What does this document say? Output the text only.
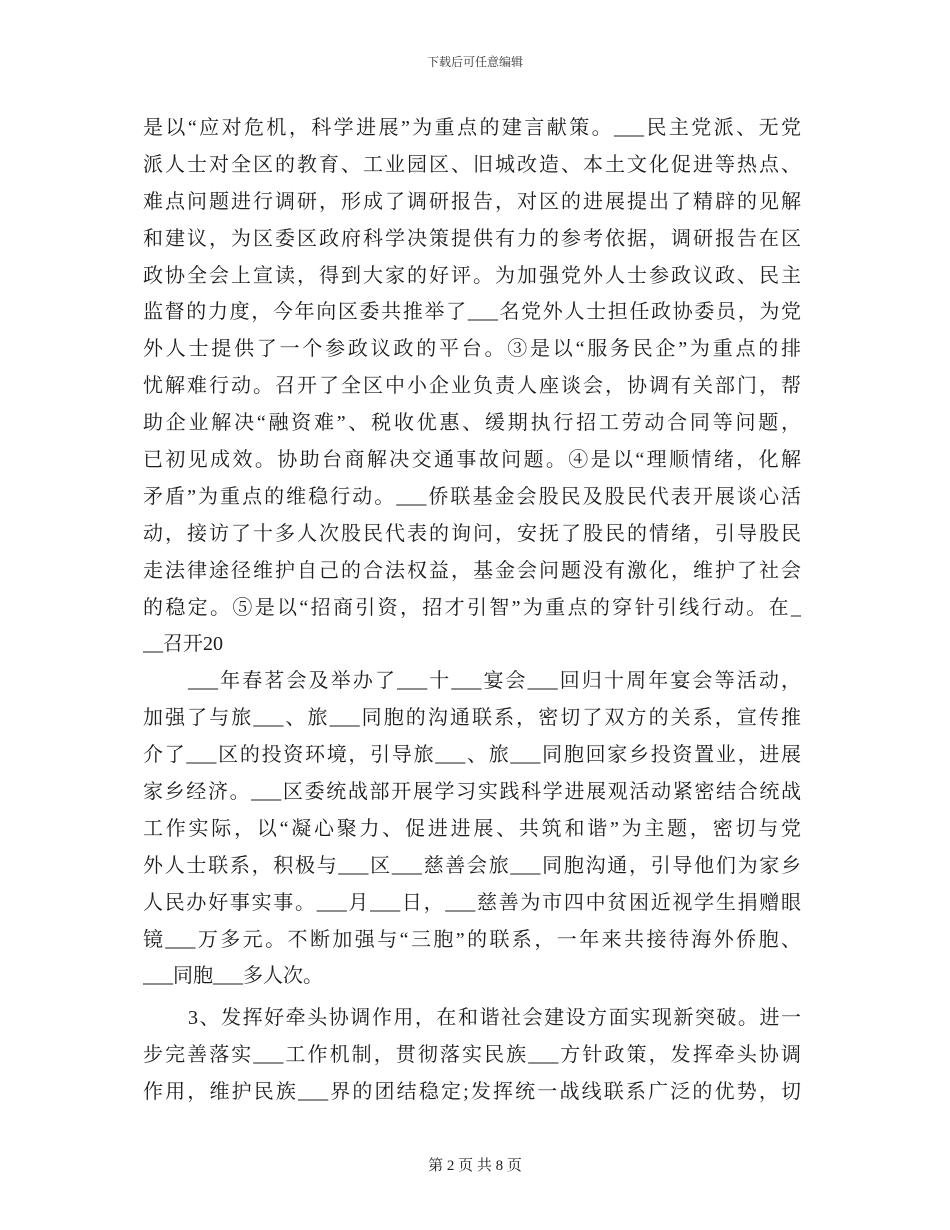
下载后可任意编辑
是以“应对危机，科学进展”为重点的建言献策。___民主党派、无党
派人士对全区的教育、工业园区、旧城改造、本土文化促进等热点、
难点问题进行调研，形成了调研报告，对区的进展提出了精辟的见解
和建议，为区委区政府科学决策提供有力的参考依据，调研报告在区
政协全会上宣读，得到大家的好评。为加强党外人士参政议政、民主
监督的力度，今年向区委共推举了___名党外人士担任政协委员，为党
外人士提供了一个参政议政的平台。③是以“服务民企”为重点的排
忧解难行动。召开了全区中小企业负责人座谈会，协调有关部门，帮
助企业解决“融资难”、税收优惠、缓期执行招工劳动合同等问题，
已初见成效。协助台商解决交通事故问题。④是以“理顺情绪，化解
矛盾”为重点的维稳行动。___侨联基金会股民及股民代表开展谈心活
动，接访了十多人次股民代表的询问，安抚了股民的情绪，引导股民
走法律途径维护自己的合法权益，基金会问题没有激化，维护了社会
的稳定。⑤是以“招商引资，招才引智”为重点的穿针引线行动。在_
__召开20
___年春茗会及举办了___十___宴会___回归十周年宴会等活动，
加强了与旅___、旅___同胞的沟通联系，密切了双方的关系，宣传推
介了___区的投资环境，引导旅___、旅___同胞回家乡投资置业，进展
家乡经济。___区委统战部开展学习实践科学进展观活动紧密结合统战
工作实际，以“凝心聚力、促进进展、共筑和谐”为主题，密切与党
外人士联系，积极与___区___慈善会旅___同胞沟通，引导他们为家乡
人民办好事实事。___月___日，___慈善为市四中贫困近视学生捐赠眼
镜___万多元。不断加强与“三胞”的联系，一年来共接待海外侨胞、
___同胞___多人次。
3、发挥好牵头协调作用，在和谐社会建设方面实现新突破。进一
步完善落实___工作机制，贯彻落实民族___方针政策，发挥牵头协调
作用，维护民族___界的团结稳定;发挥统一战线联系广泛的优势，切
第 2 页 共 8 页
